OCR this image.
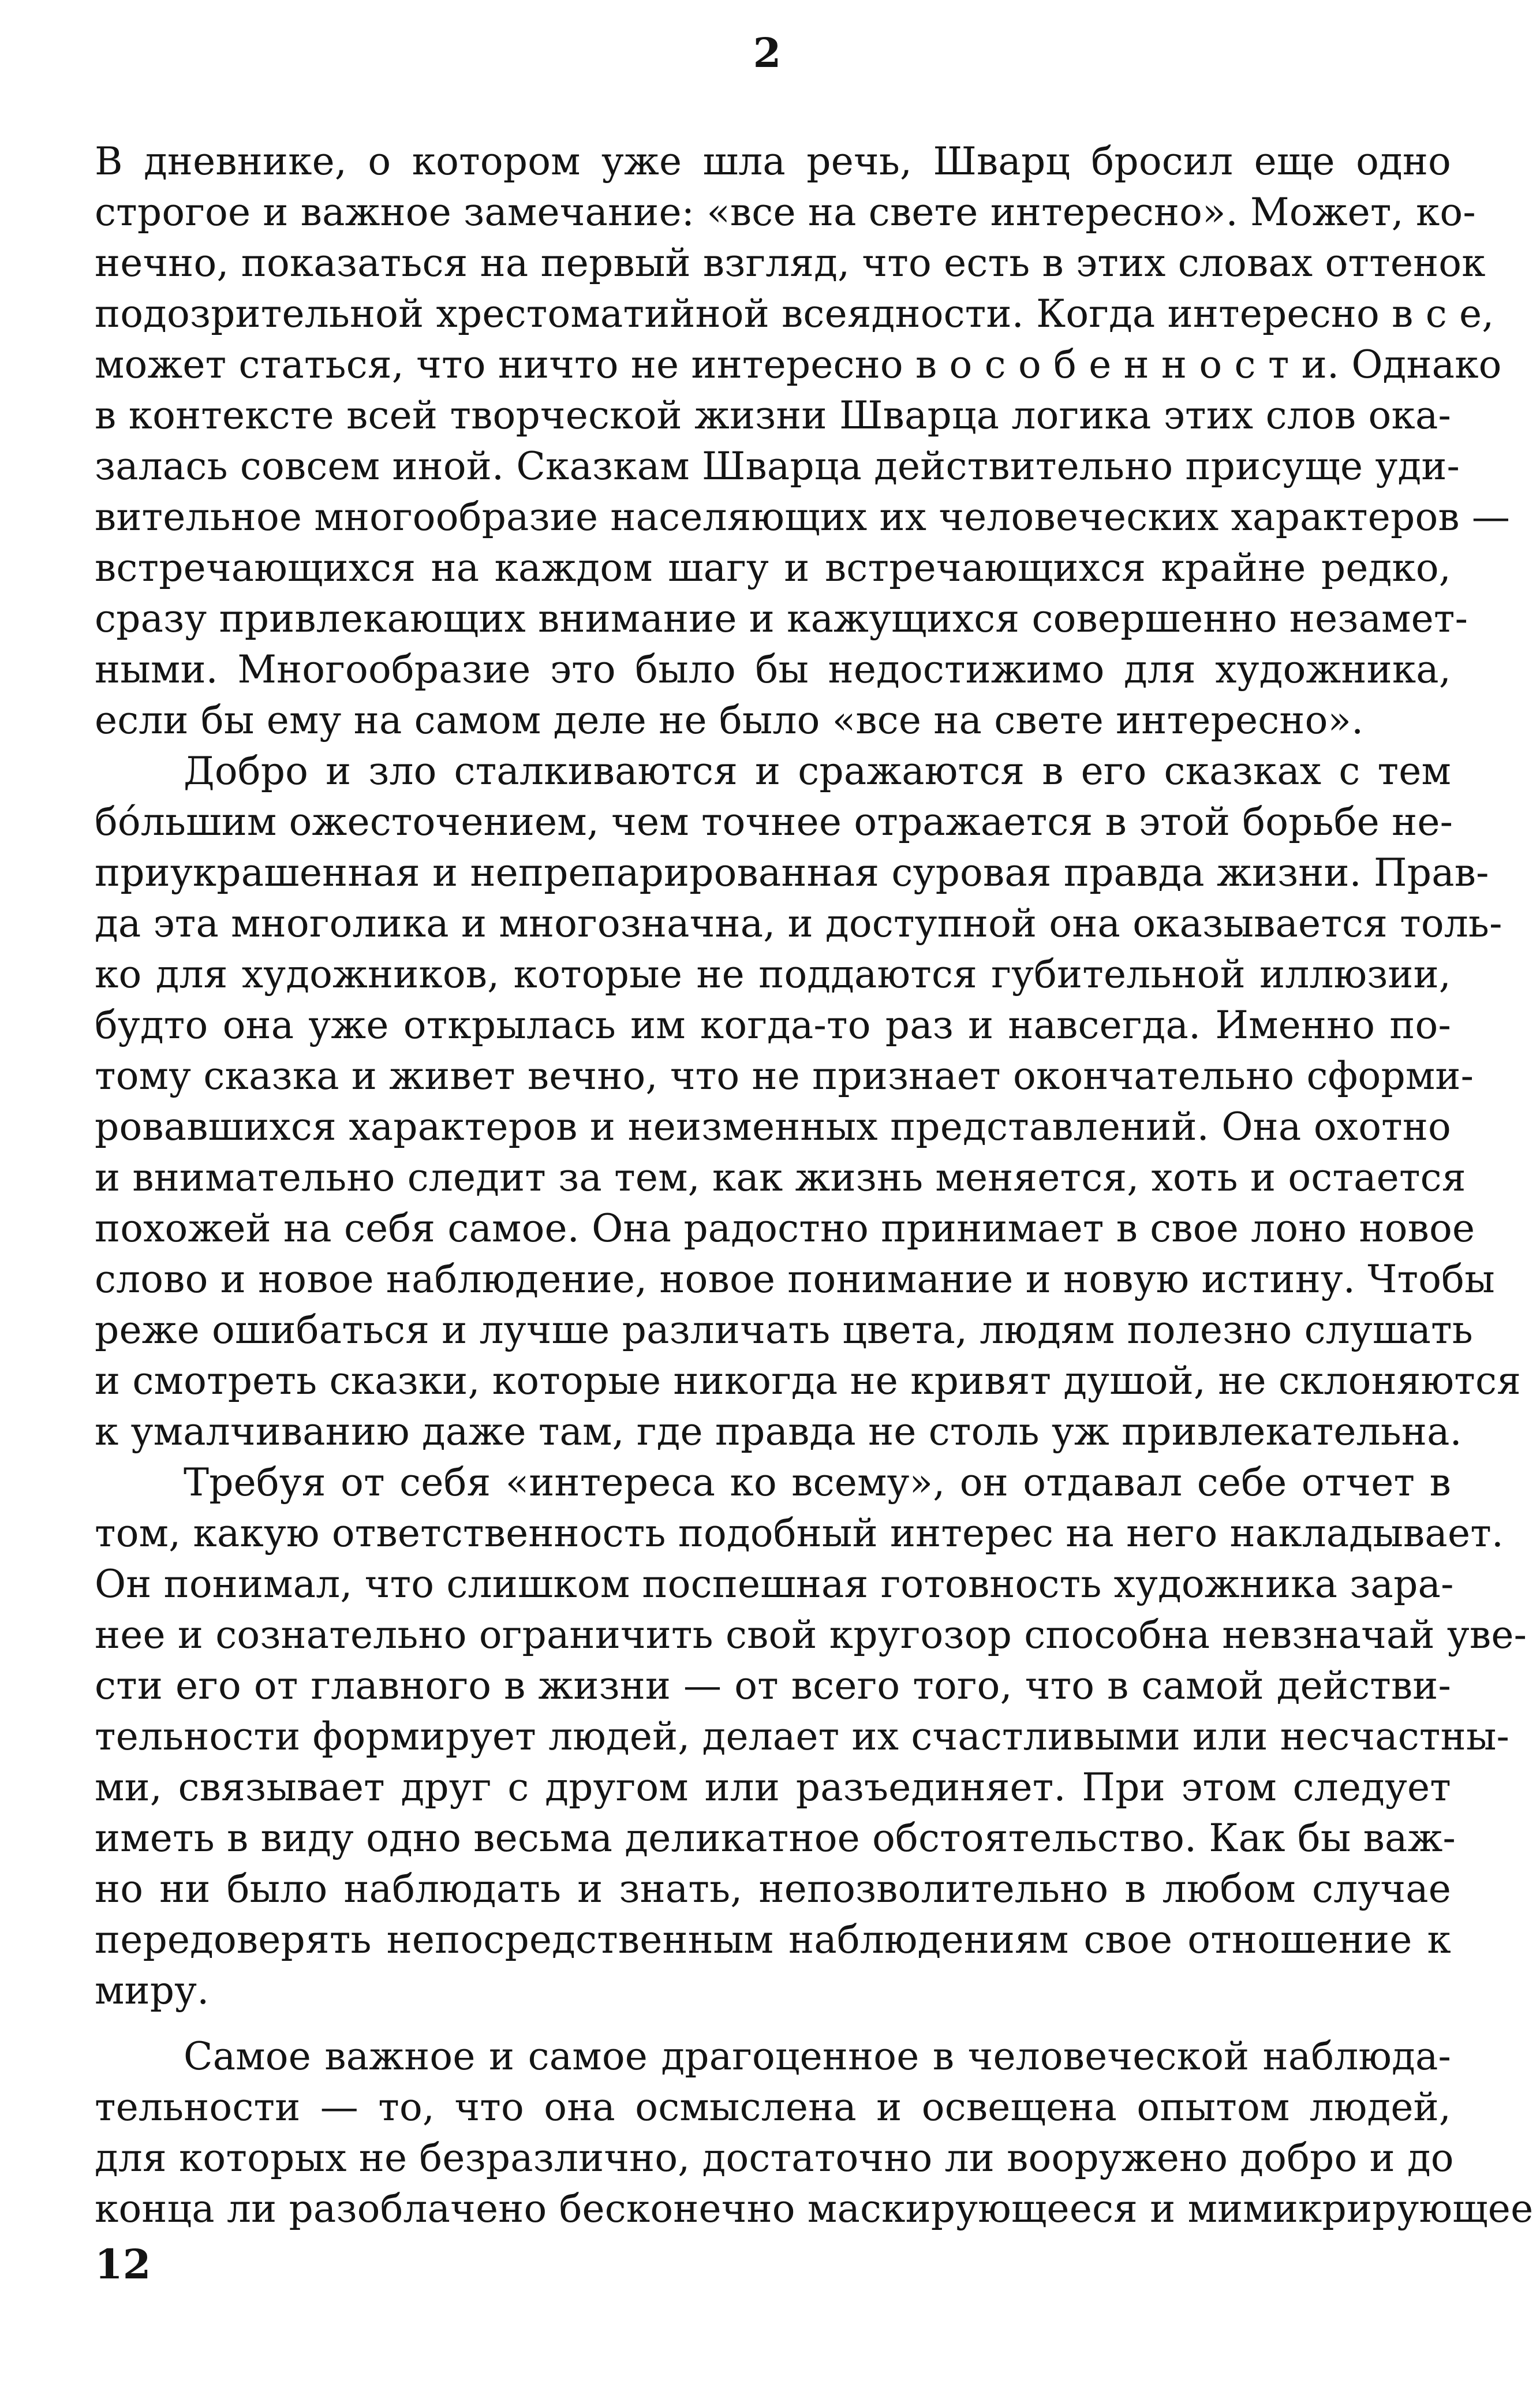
2
В дневнике, о котором уже шла речь, Шварц бросил еще одно
строгое и важное замечание: «все на свете интересно». Может, ко-
нечно, показаться на первый взгляд, что есть в этих словах оттенок
подозрительной хрестоматийной всеядности. Когда интересно в с е,
может статься, что ничто не интересно в о с о б е н н о с т и. Однако
в контексте всей творческой жизни Шварца логика этих слов ока-
залась совсем иной. Сказкам Шварца действительно присуще уди-
вительное многообразие населяющих их человеческих характеров —
встречающихся на каждом шагу и встречающихся крайне редко,
сразу привлекающих внимание и кажущихся совершенно незамет-
ными. Многообразие это было бы недостижимо для художника,
если бы ему на самом деле не было «все на свете интересно».
Добро и зло сталкиваются и сражаются в его сказках с тем
бóльшим ожесточением, чем точнее отражается в этой борьбе не-
приукрашенная и непрепарированная суровая правда жизни. Прав-
да эта многолика и многозначна, и доступной она оказывается толь-
ко для художников, которые не поддаются губительной иллюзии,
будто она уже открылась им когда-то раз и навсегда. Именно по-
тому сказка и живет вечно, что не признает окончательно сформи-
ровавшихся характеров и неизменных представлений. Она охотно
и внимательно следит за тем, как жизнь меняется, хоть и остается
похожей на себя самое. Она радостно принимает в свое лоно новое
слово и новое наблюдение, новое понимание и новую истину. Чтобы
реже ошибаться и лучше различать цвета, людям полезно слушать
и смотреть сказки, которые никогда не кривят душой, не склоняются
к умалчиванию даже там, где правда не столь уж привлекательна.
Требуя от себя «интереса ко всему», он отдавал себе отчет в
том, какую ответственность подобный интерес на него накладывает.
Он понимал, что слишком поспешная готовность художника зара-
нее и сознательно ограничить свой кругозор способна невзначай уве-
сти его от главного в жизни — от всего того, что в самой действи-
тельности формирует людей, делает их счастливыми или несчастны-
ми, связывает друг с другом или разъединяет. При этом следует
иметь в виду одно весьма деликатное обстоятельство. Как бы важ-
но ни было наблюдать и знать, непозволительно в любом случае
передоверять непосредственным наблюдениям свое отношение к
миру.
Самое важное и самое драгоценное в человеческой наблюда-
тельности — то, что она осмыслена и освещена опытом людей,
для которых не безразлично, достаточно ли вооружено добро и до
конца ли разоблачено бесконечно маскирующееся и мимикрирующее
12
